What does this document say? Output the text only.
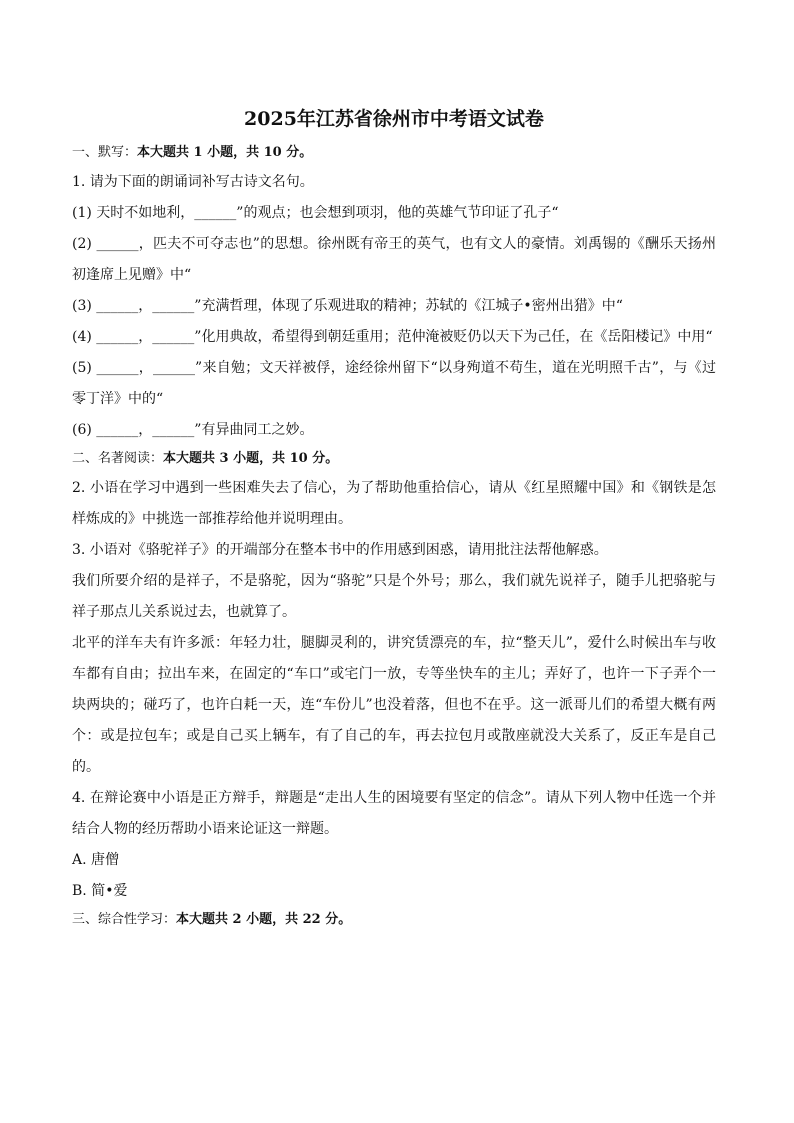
2025年江苏省徐州市中考语文试卷
一、默写：本大题共 1 小题，共 10 分。

1. 请为下面的朗诵词补写古诗文名句。

(1) 天时不如地利，______”的观点；也会想到项羽，他的英雄气节印证了孔子“

(2) ______，匹夫不可夺志也”的思想。徐州既有帝王的英气，也有文人的豪情。刘禹锡的《酬乐天扬州初逢席上见赠》中“

(3) ______，______”充满哲理，体现了乐观进取的精神；苏轼的《江城子•密州出猎》中“

(4) ______，______”化用典故，希望得到朝廷重用；范仲淹被贬仍以天下为己任，在《岳阳楼记》中用“

(5) ______，______”来自勉；文天祥被俘，途经徐州留下“以身殉道不苟生，道在光明照千古”，与《过零丁洋》中的“

(6) ______，______”有异曲同工之妙。

二、名著阅读：本大题共 3 小题，共 10 分。

2. 小语在学习中遇到一些困难失去了信心，为了帮助他重拾信心，请从《红星照耀中国》和《钢铁是怎样炼成的》中挑选一部推荐给他并说明理由。

3. 小语对《骆驼祥子》的开端部分在整本书中的作用感到困惑，请用批注法帮他解惑。

我们所要介绍的是祥子，不是骆驼，因为“骆驼”只是个外号；那么，我们就先说祥子，随手儿把骆驼与祥子那点儿关系说过去，也就算了。

北平的洋车夫有许多派：年轻力壮，腿脚灵利的，讲究赁漂亮的车，拉“整天儿”，爱什么时候出车与收车都有自由；拉出车来，在固定的“车口”或宅门一放，专等坐快车的主儿；弄好了，也许一下子弄个一块两块的；碰巧了，也许白耗一天，连“车份儿”也没着落，但也不在乎。这一派哥儿们的希望大概有两个：或是拉包车；或是自己买上辆车，有了自己的车，再去拉包月或散座就没大关系了，反正车是自己的。

4. 在辩论赛中小语是正方辩手，辩题是“走出人生的困境要有坚定的信念”。请从下列人物中任选一个并结合人物的经历帮助小语来论证这一辩题。

A. 唐僧

B. 简•爱

三、综合性学习：本大题共 2 小题，共 22 分。
